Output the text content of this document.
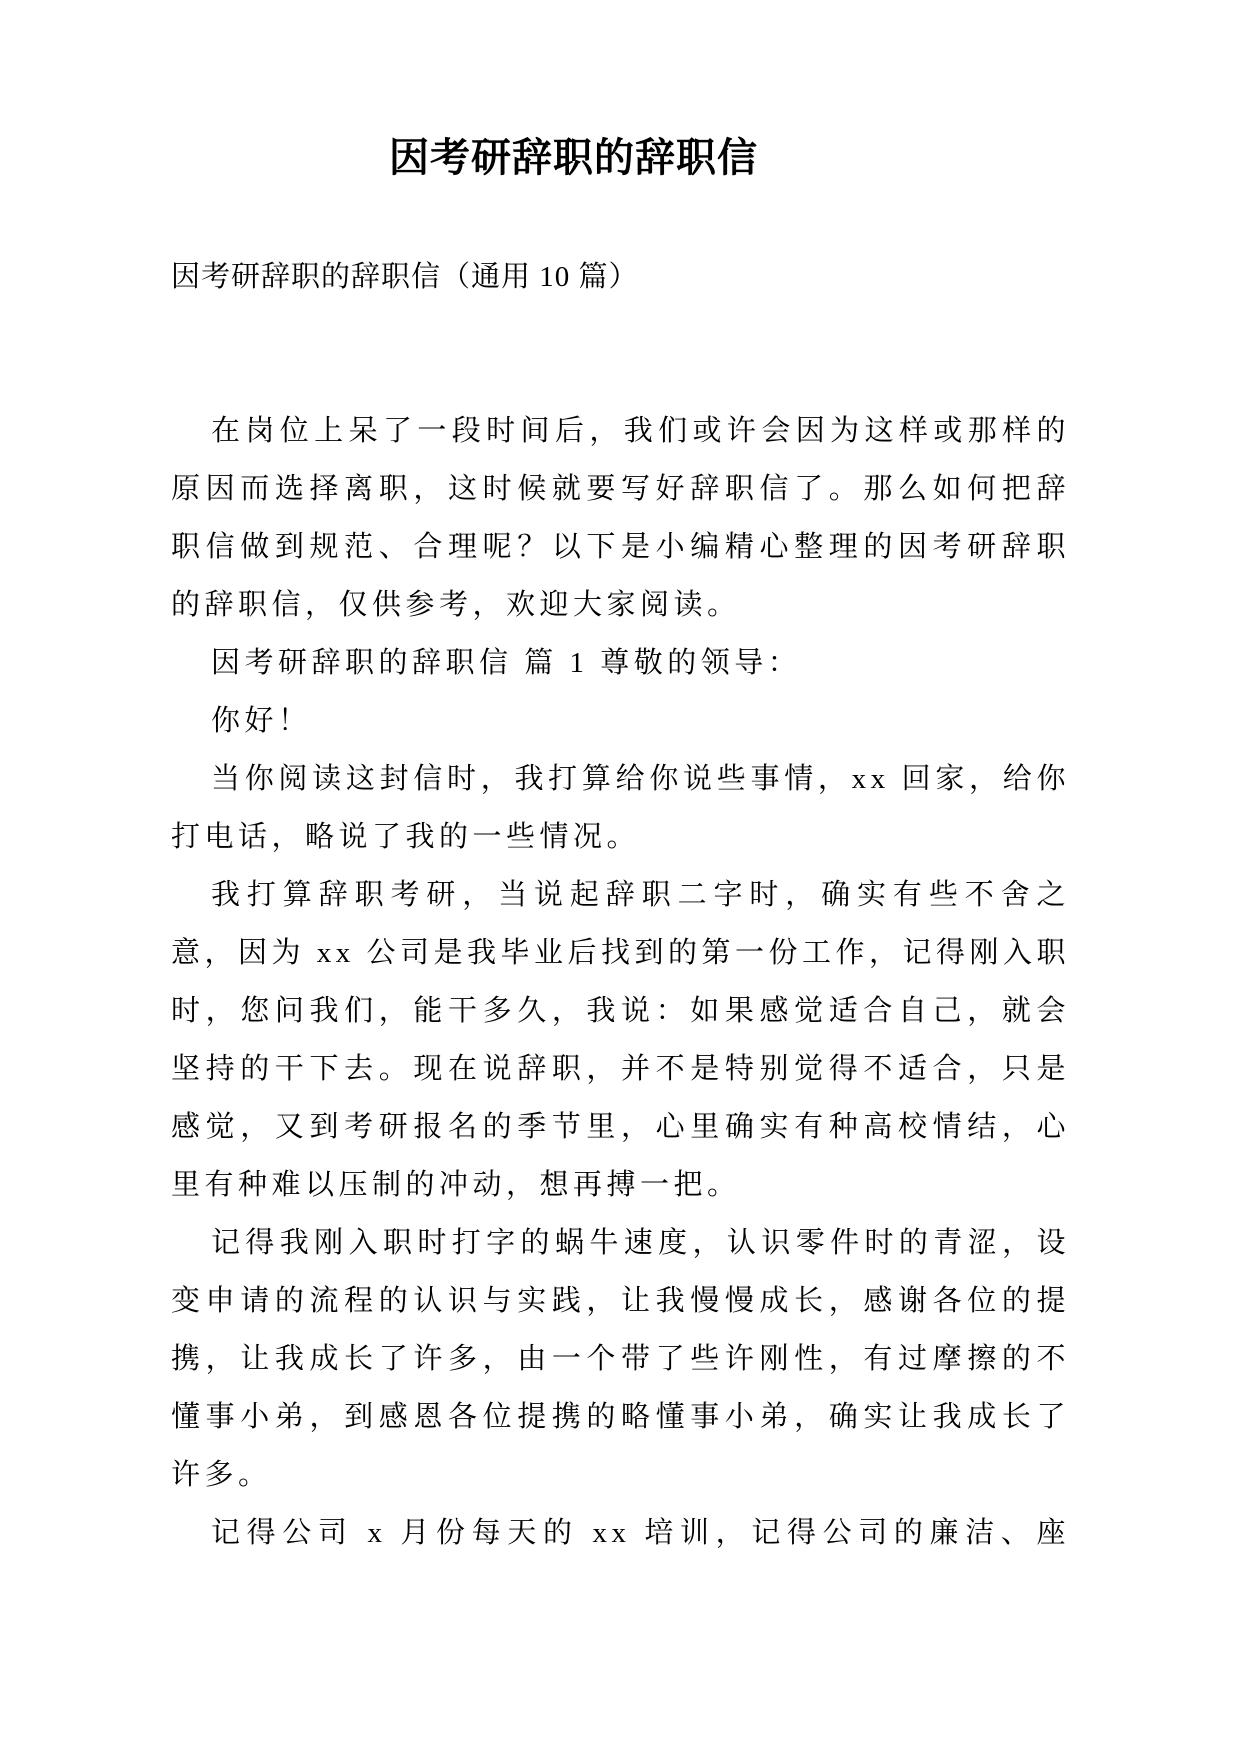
因考研辞职的辞职信

因考研辞职的辞职信（通用 10 篇）

在岗位上呆了一段时间后，我们或许会因为这样或那样的原因而选择离职，这时候就要写好辞职信了。那么如何把辞职信做到规范、合理呢？以下是小编精心整理的因考研辞职的辞职信，仅供参考，欢迎大家阅读。

因考研辞职的辞职信 篇 1 尊敬的领导：

你好！

当你阅读这封信时，我打算给你说些事情，xx 回家，给你打电话，略说了我的一些情况。

我打算辞职考研，当说起辞职二字时，确实有些不舍之意，因为 xx 公司是我毕业后找到的第一份工作，记得刚入职时，您问我们，能干多久，我说：如果感觉适合自己，就会坚持的干下去。现在说辞职，并不是特别觉得不适合，只是感觉，又到考研报名的季节里，心里确实有种高校情结，心里有种难以压制的冲动，想再搏一把。

记得我刚入职时打字的蜗牛速度，认识零件时的青涩，设变申请的流程的认识与实践，让我慢慢成长，感谢各位的提携，让我成长了许多，由一个带了些许刚性，有过摩擦的不懂事小弟，到感恩各位提携的略懂事小弟，确实让我成长了许多。

记得公司 x 月份每天的 xx 培训，记得公司的廉洁、座
